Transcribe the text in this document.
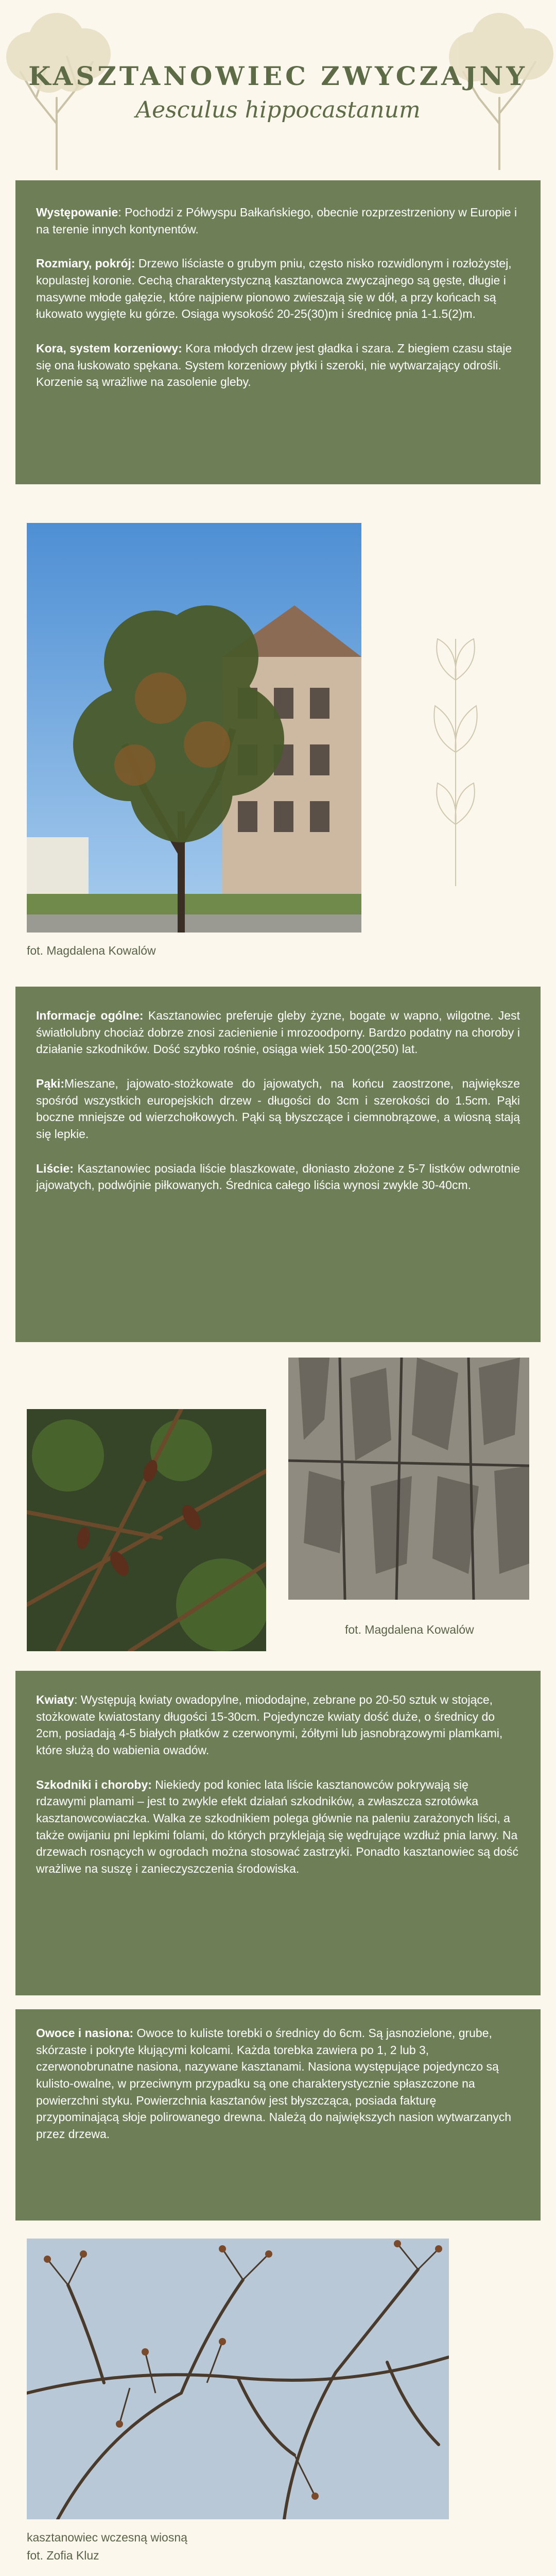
KASZTANOWIEC ZWYCZAJNY
Aesculus hippocastanum

Występowanie: Pochodzi z Półwyspu Bałkańskiego, obecnie rozprzestrzeniony w Europie i na terenie innych kontynentów.

Rozmiary, pokrój: Drzewo liściaste o grubym pniu, często nisko rozwidlonym i rozłożystej, kopulastej koronie. Cechą charakterystyczną kasztanowca zwyczajnego są gęste, długie i masywne młode gałęzie, które najpierw pionowo zwieszają się w dół, a przy końcach są łukowato wygięte ku górze. Osiąga wysokość 20-25(30)m i średnicę pnia 1-1.5(2)m.

Kora, system korzeniowy: Kora młodych drzew jest gładka i szara. Z biegiem czasu staje się ona łuskowato spękana. System korzeniowy płytki i szeroki, nie wytwarzający odrośli. Korzenie są wrażliwe na zasolenie gleby.

fot. Magdalena Kowalów

Informacje ogólne: Kasztanowiec preferuje gleby żyzne, bogate w wapno, wilgotne. Jest światłolubny chociaż dobrze znosi zacienienie i mrozoodporny. Bardzo podatny na choroby i działanie szkodników. Dość szybko rośnie, osiąga wiek 150-200(250) lat.

Pąki:Mieszane, jajowato-stożkowate do jajowatych, na końcu zaostrzone, największe spośród wszystkich europejskich drzew - długości do 3cm i szerokości do 1.5cm. Pąki boczne mniejsze od wierzchołkowych. Pąki są błyszczące i ciemnobrązowe, a wiosną stają się lepkie.

Liście: Kasztanowiec posiada liście blaszkowate, dłoniasto złożone z 5-7 listków odwrotnie jajowatych, podwójnie piłkowanych. Średnica całego liścia wynosi zwykle 30-40cm.

fot. Magdalena Kowalów

Kwiaty: Występują kwiaty owadopylne, miododajne, zebrane po 20-50 sztuk w stojące, stożkowate kwiatostany długości 15-30cm. Pojedyncze kwiaty dość duże, o średnicy do 2cm, posiadają 4-5 białych płatków z czerwonymi, żółtymi lub jasnobrązowymi plamkami, które służą do wabienia owadów.

Szkodniki i choroby: Niekiedy pod koniec lata liście kasztanowców pokrywają się rdzawymi plamami – jest to zwykle efekt działań szkodników, a zwłaszcza szrotówka kasztanowcowiaczka. Walka ze szkodnikiem polega głównie na paleniu zarażonych liści, a także owijaniu pni lepkimi folami, do których przyklejają się wędrujące wzdłuż pnia larwy. Na drzewach rosnących w ogrodach można stosować zastrzyki. Ponadto kasztanowiec są dość wrażliwe na suszę i zanieczyszczenia środowiska.

Owoce i nasiona: Owoce to kuliste torebki o średnicy do 6cm. Są jasnozielone, grube, skórzaste i pokryte kłującymi kolcami. Każda torebka zawiera po 1, 2 lub 3, czerwonobrunatne nasiona, nazywane kasztanami. Nasiona występujące pojedynczo są kulisto-owalne, w przeciwnym przypadku są one charakterystycznie spłaszczone na powierzchni styku. Powierzchnia kasztanów jest błyszcząca, posiada fakturę przypominającą słoje polirowanego drewna. Należą do największych nasion wytwarzanych przez drzewa.

kasztanowiec wczesną wiosną
fot. Zofia Kluz
